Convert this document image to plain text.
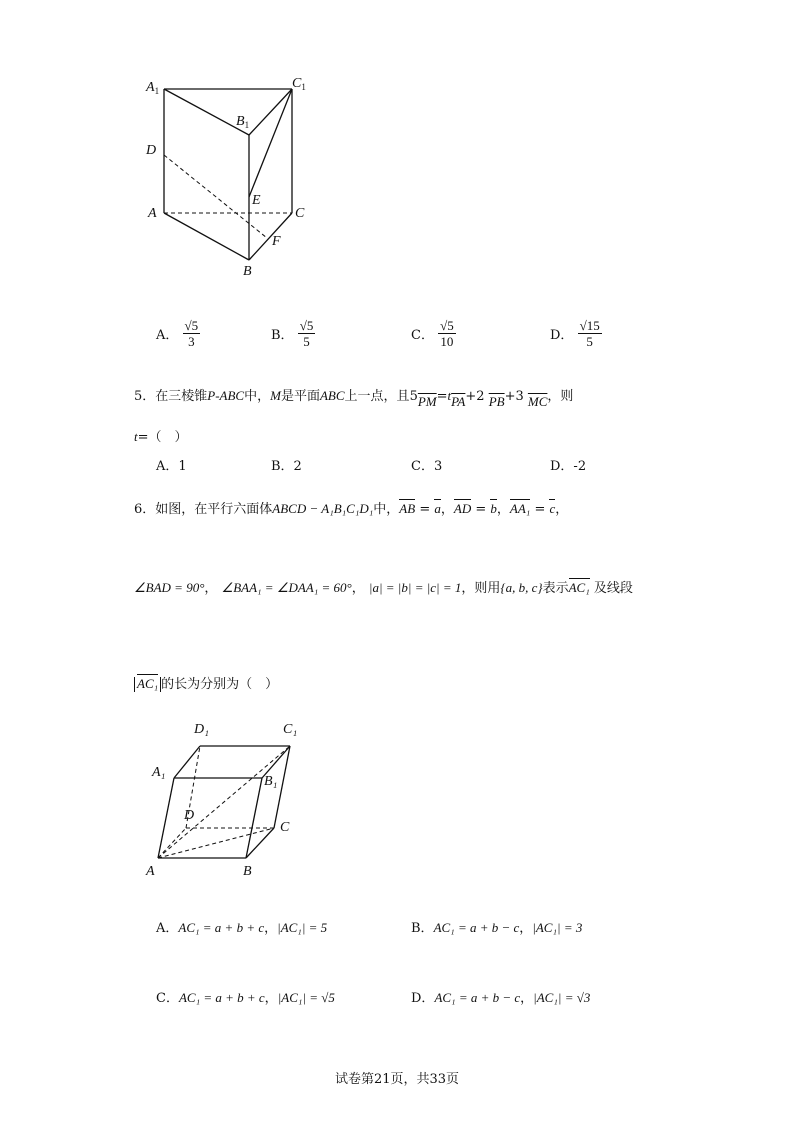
$A_1$	$C_1$
$B_1$
D
E
A	C
F
B
A． $\frac{√5}{3}$	B． $\frac{√5}{5}$	C． $\frac{√5}{10}$	D． $\frac{√15}{5}$
5．在三棱锥P-ABC中，M是平面ABC上一点，且$5\overline{PM}=t\overline{PA}+2$ $\overline{PB}+3$ $\overline{MC}$，则
t=（　）
A．1	B．2	C．3	D．-2
6．如图，在平行六面体ABCD − A₁B₁C₁D₁中，AB = a，AD = b，AA₁ = c，
∠BAD = 90°， ∠BAA₁ = ∠DAA₁ = 60°， |a| = |b| = |c| = 1，则用{a, b, c}表示AC₁ 及线段
AC₁ 的长为分别为（　）
D₁	C₁
A₁
B₁
D
C
A	B
A．AC₁ = a + b + c，|AC₁| = 5	B．AC₁ = a + b − c，|AC₁| = 3
C．AC₁ = a + b + c，|AC₁| = √5	D．AC₁ = a + b − c，|AC₁| = √3
试卷第21页，共33页
